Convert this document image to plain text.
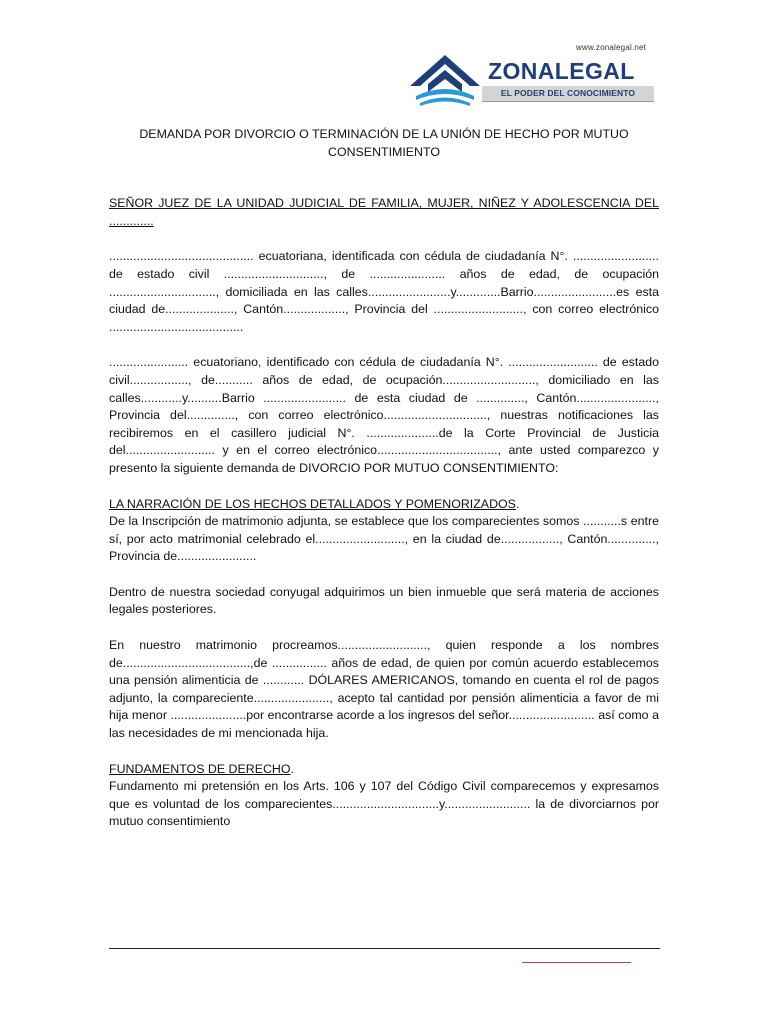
www.zonalegal.net
ZONALEGAL
EL PODER DEL CONOCIMIENTO

DEMANDA POR DIVORCIO O TERMINACIÓN DE LA UNIÓN DE HECHO POR MUTUO
CONSENTIMIENTO

SEÑOR JUEZ DE LA UNIDAD JUDICIAL DE FAMILIA, MUJER, NIÑEZ Y ADOLESCENCIA DEL .............

.......................................... ecuatoriana, identificada con cédula de ciudadanía N°. ......................... de estado civil ............................., de ...................... años de edad, de ocupación ..............................., domiciliada en las calles........................y.............Barrio........................es esta ciudad de...................., Cantón.................., Provincia del .........................., con correo electrónico .......................................

....................... ecuatoriano, identificado con cédula de ciudadanía N°. .......................... de estado civil................., de........... años de edad, de ocupación..........................., domiciliado en las calles............y..........Barrio ........................ de esta ciudad de .............., Cantón......................., Provincia del.............., con correo electrónico.............................., nuestras notificaciones las recibiremos en el casillero judicial N°. .....................de la Corte Provincial de Justicia del.......................... y en el correo electrónico..................................., ante usted comparezco y presento la siguiente demanda de DIVORCIO POR MUTUO CONSENTIMIENTO:

LA NARRACIÓN DE LOS HECHOS DETALLADOS Y POMENORIZADOS.

De la Inscripción de matrimonio adjunta, se establece que los comparecientes somos ...........s entre sí, por acto matrimonial celebrado el.........................., en la ciudad de................., Cantón.............., Provincia de.......................

Dentro de nuestra sociedad conyugal adquirimos un bien inmueble que será materia de acciones legales posteriores.

En nuestro matrimonio procreamos.........................., quien responde a los nombres de.....................................,de ................ años de edad, de quien por común acuerdo establecemos una pensión alimenticia de ............ DÓLARES AMERICANOS, tomando en cuenta el rol de pagos adjunto, la compareciente......................, acepto tal cantidad por pensión alimenticia a favor de mi hija menor ......................por encontrarse acorde a los ingresos del señor......................... así como a las necesidades de mi mencionada hija.

FUNDAMENTOS DE DERECHO.

Fundamento mi pretensión en los Arts. 106 y 107 del Código Civil comparecemos y expresamos que es voluntad de los comparecientes...............................y......................... la de divorciarnos por mutuo consentimiento
